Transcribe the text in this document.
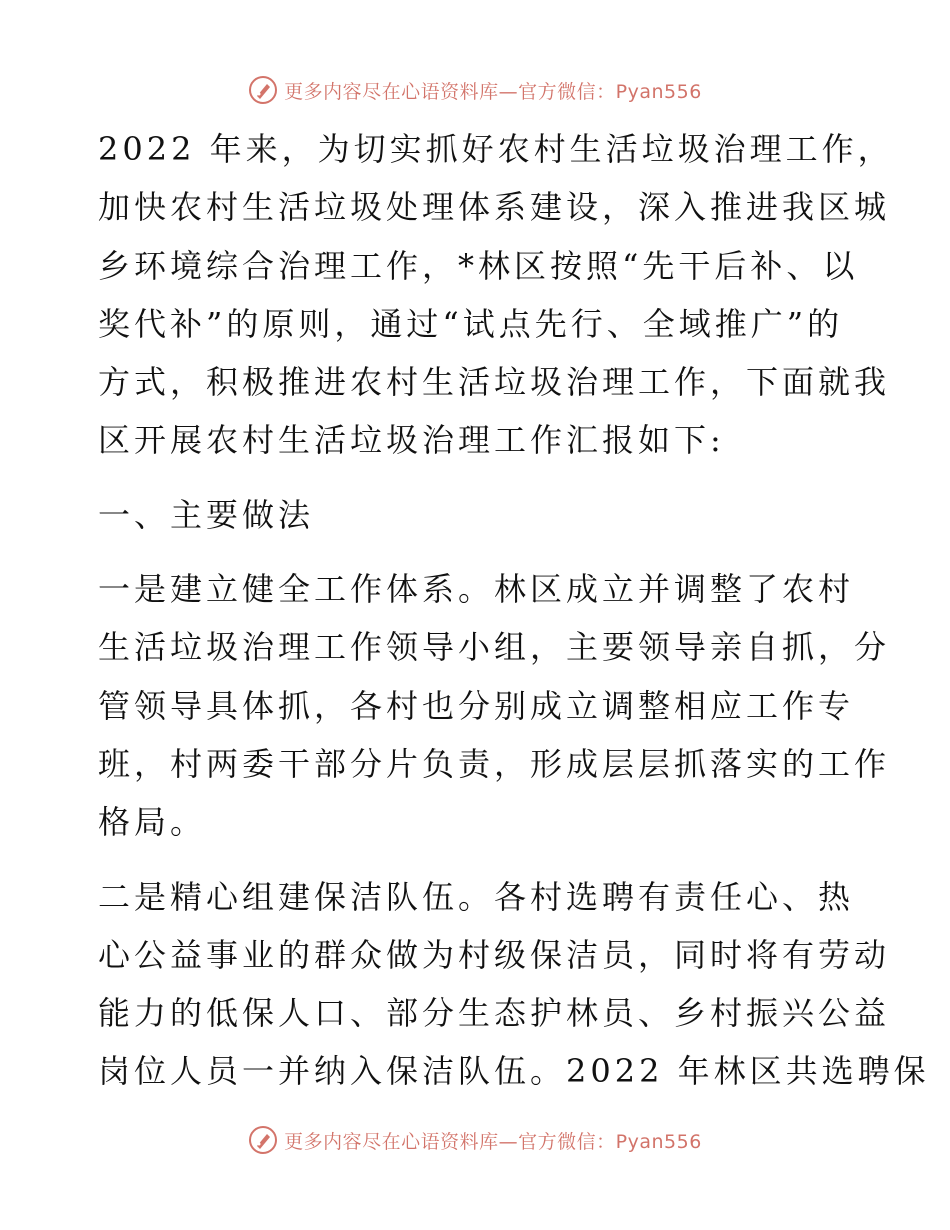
更多内容尽在心语资料库—官方微信：Pyan556

2022 年来，为切实抓好农村生活垃圾治理工作，
加快农村生活垃圾处理体系建设，深入推进我区城
乡环境综合治理工作，*林区按照“先干后补、以
奖代补”的原则，通过“试点先行、全域推广”的
方式，积极推进农村生活垃圾治理工作，下面就我
区开展农村生活垃圾治理工作汇报如下:

一、主要做法

一是建立健全工作体系。林区成立并调整了农村
生活垃圾治理工作领导小组，主要领导亲自抓，分
管领导具体抓，各村也分别成立调整相应工作专
班，村两委干部分片负责，形成层层抓落实的工作
格局。

二是精心组建保洁队伍。各村选聘有责任心、热
心公益事业的群众做为村级保洁员，同时将有劳动
能力的低保人口、部分生态护林员、乡村振兴公益
岗位人员一并纳入保洁队伍。2022 年林区共选聘保

更多内容尽在心语资料库—官方微信：Pyan556
